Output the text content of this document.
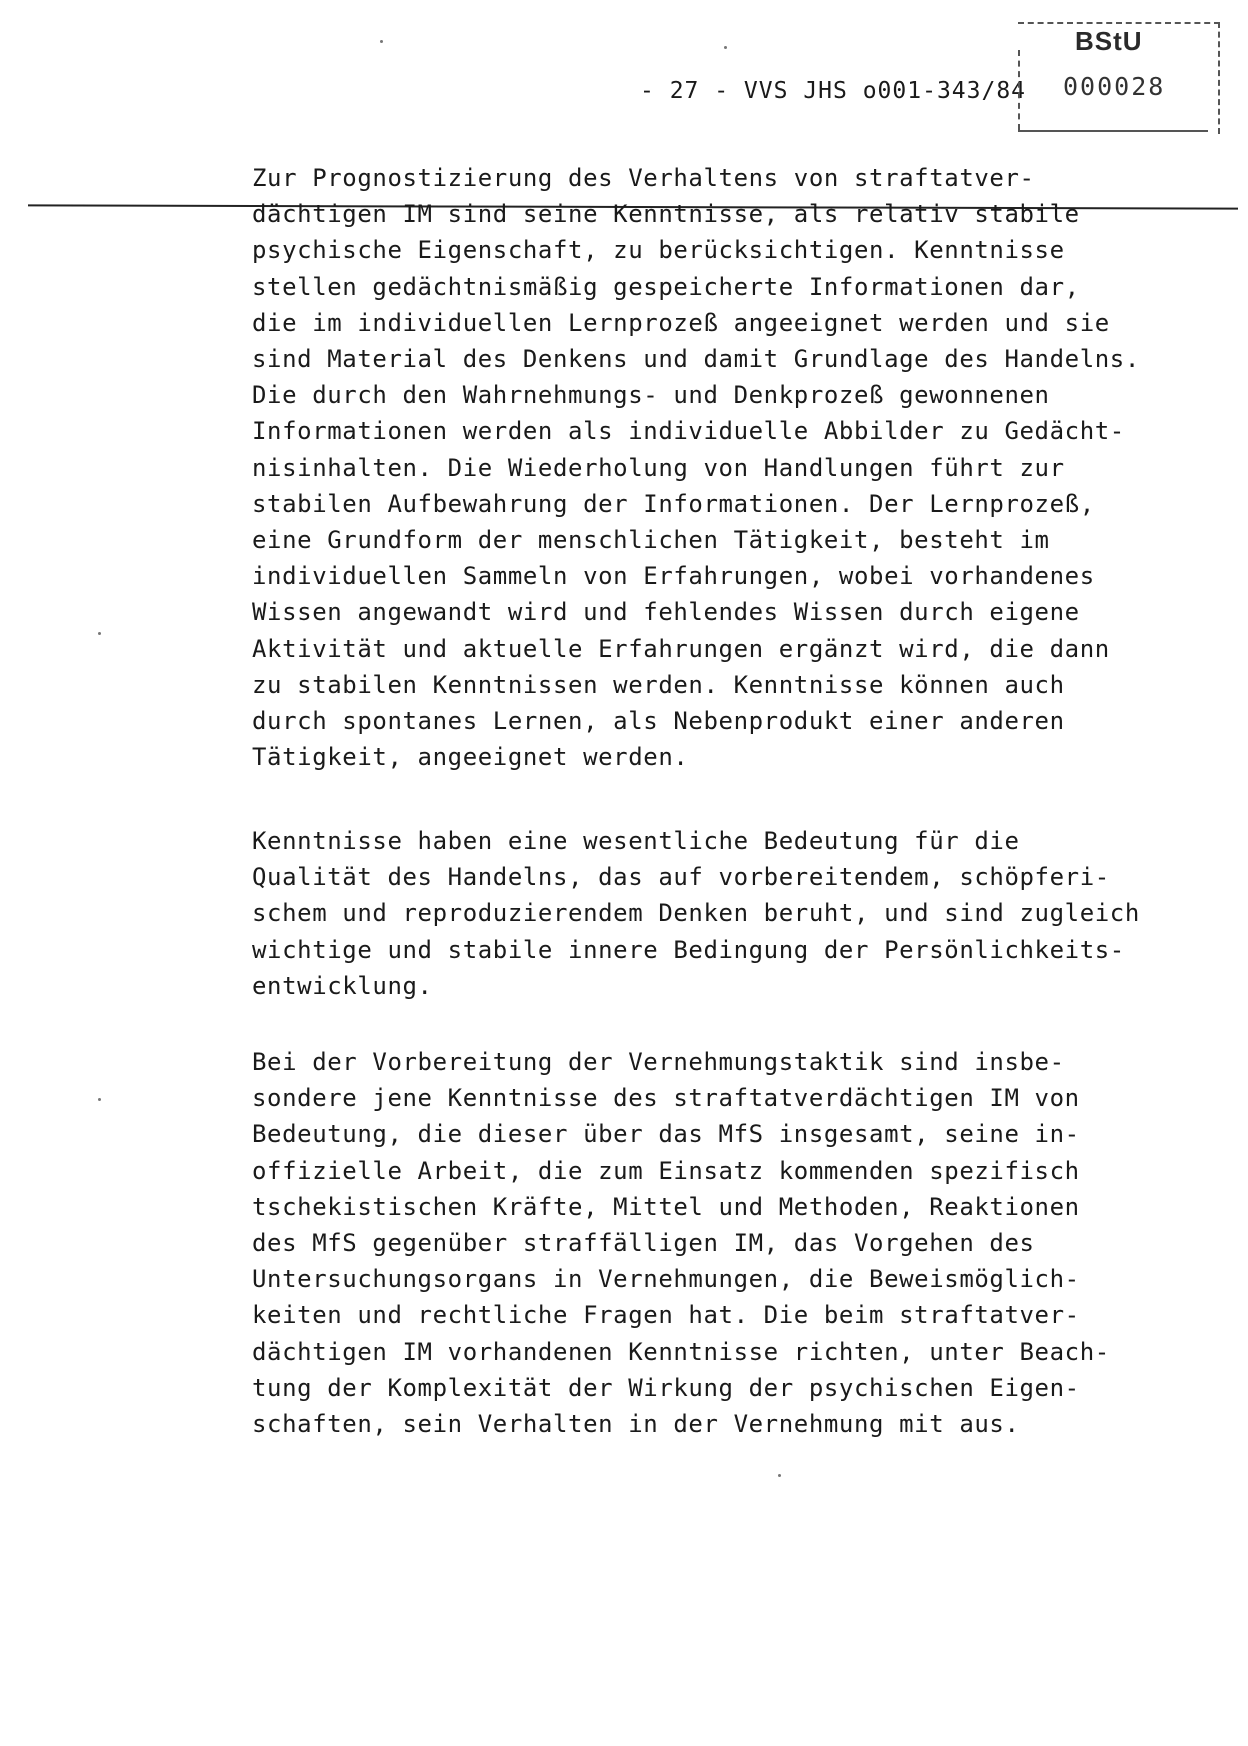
- 27 - VVS JHS o001-343/84
BStU
000028

Zur Prognostizierung des Verhaltens von straftatver-
dächtigen IM sind seine Kenntnisse, als relativ stabile
psychische Eigenschaft, zu berücksichtigen. Kenntnisse
stellen gedächtnismäßig gespeicherte Informationen dar,
die im individuellen Lernprozeß angeeignet werden und sie
sind Material des Denkens und damit Grundlage des Handelns.
Die durch den Wahrnehmungs- und Denkprozeß gewonnenen
Informationen werden als individuelle Abbilder zu Gedächt-
nisinhalten. Die Wiederholung von Handlungen führt zur
stabilen Aufbewahrung der Informationen. Der Lernprozeß,
eine Grundform der menschlichen Tätigkeit, besteht im
individuellen Sammeln von Erfahrungen, wobei vorhandenes
Wissen angewandt wird und fehlendes Wissen durch eigene
Aktivität und aktuelle Erfahrungen ergänzt wird, die dann
zu stabilen Kenntnissen werden. Kenntnisse können auch
durch spontanes Lernen, als Nebenprodukt einer anderen
Tätigkeit, angeeignet werden.

Kenntnisse haben eine wesentliche Bedeutung für die
Qualität des Handelns, das auf vorbereitendem, schöpferi-
schem und reproduzierendem Denken beruht, und sind zugleich
wichtige und stabile innere Bedingung der Persönlichkeits-
entwicklung.

Bei der Vorbereitung der Vernehmungstaktik sind insbe-
sondere jene Kenntnisse des straftatverdächtigen IM von
Bedeutung, die dieser über das MfS insgesamt, seine in-
offizielle Arbeit, die zum Einsatz kommenden spezifisch
tschekistischen Kräfte, Mittel und Methoden, Reaktionen
des MfS gegenüber straffälligen IM, das Vorgehen des
Untersuchungsorgans in Vernehmungen, die Beweismöglich-
keiten und rechtliche Fragen hat. Die beim straftatver-
dächtigen IM vorhandenen Kenntnisse richten, unter Beach-
tung der Komplexität der Wirkung der psychischen Eigen-
schaften, sein Verhalten in der Vernehmung mit aus.
